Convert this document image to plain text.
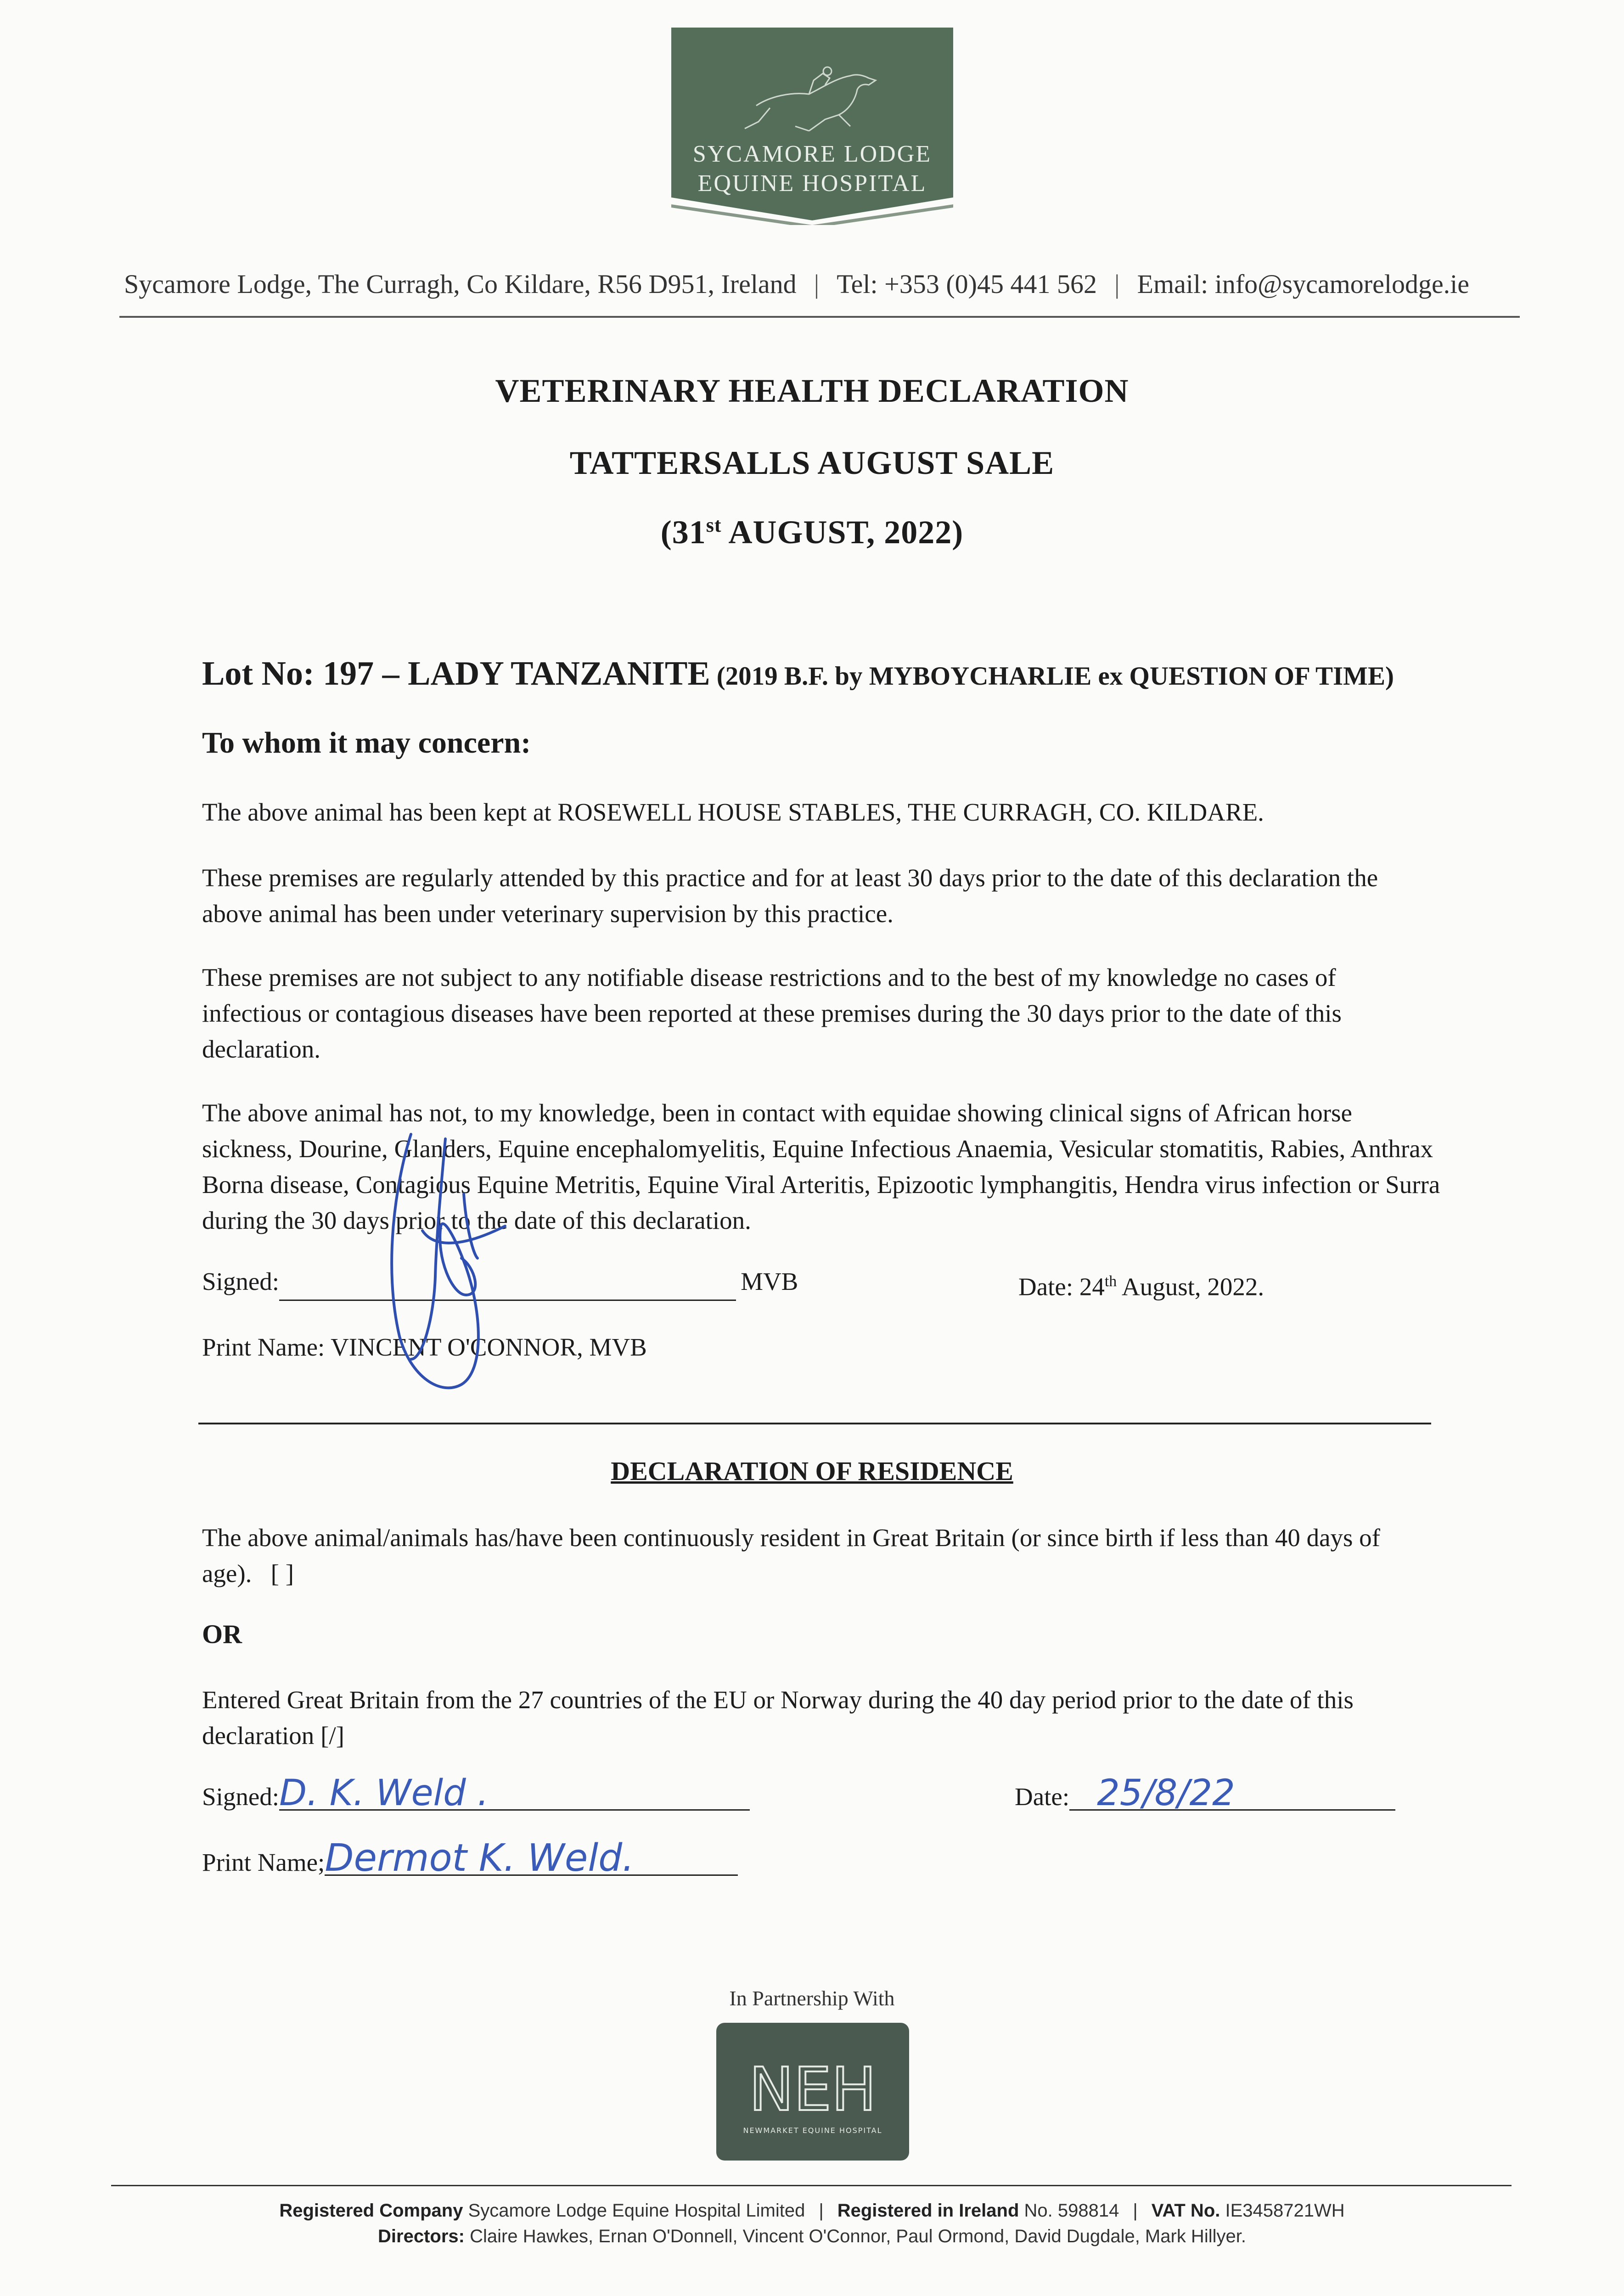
SYCAMORE LODGE
EQUINE HOSPITAL
Sycamore Lodge, The Curragh, Co Kildare, R56 D951, Ireland | Tel: +353 (0)45 441 562 | Email: info@sycamorelodge.ie
VETERINARY HEALTH DECLARATION
TATTERSALLS AUGUST SALE
(31st AUGUST, 2022)
Lot No: 197 – LADY TANZANITE (2019 B.F. by MYBOYCHARLIE ex QUESTION OF TIME)
To whom it may concern:
The above animal has been kept at ROSEWELL HOUSE STABLES, THE CURRAGH, CO. KILDARE.
These premises are regularly attended by this practice and for at least 30 days prior to the date of this declaration the above animal has been under veterinary supervision by this practice.
These premises are not subject to any notifiable disease restrictions and to the best of my knowledge no cases of infectious or contagious diseases have been reported at these premises during the 30 days prior to the date of this declaration.
The above animal has not, to my knowledge, been in contact with equidae showing clinical signs of African horse sickness, Dourine, Glanders, Equine encephalomyelitis, Equine Infectious Anaemia, Vesicular stomatitis, Rabies, Anthrax Borna disease, Contagious Equine Metritis, Equine Viral Arteritis, Epizootic lymphangitis, Hendra virus infection or Surra during the 30 days prior to the date of this declaration.
Signed:	MVB	Date: 24th August, 2022.
Print Name: VINCENT O'CONNOR, MVB
DECLARATION OF RESIDENCE
The above animal/animals has/have been continuously resident in Great Britain (or since birth if less than 40 days of age). [ ]
OR
Entered Great Britain from the 27 countries of the EU or Norway during the 40 day period prior to the date of this declaration [/]
Signed:D. K. Weld .	Date: 25/8/22
Print Name;Dermot K. Weld.
In Partnership With
NEH
NEWMARKET EQUINE HOSPITAL
Registered Company Sycamore Lodge Equine Hospital Limited | Registered in Ireland No. 598814 | VAT No. IE3458721WH
Directors: Claire Hawkes, Ernan O'Donnell, Vincent O'Connor, Paul Ormond, David Dugdale, Mark Hillyer.
